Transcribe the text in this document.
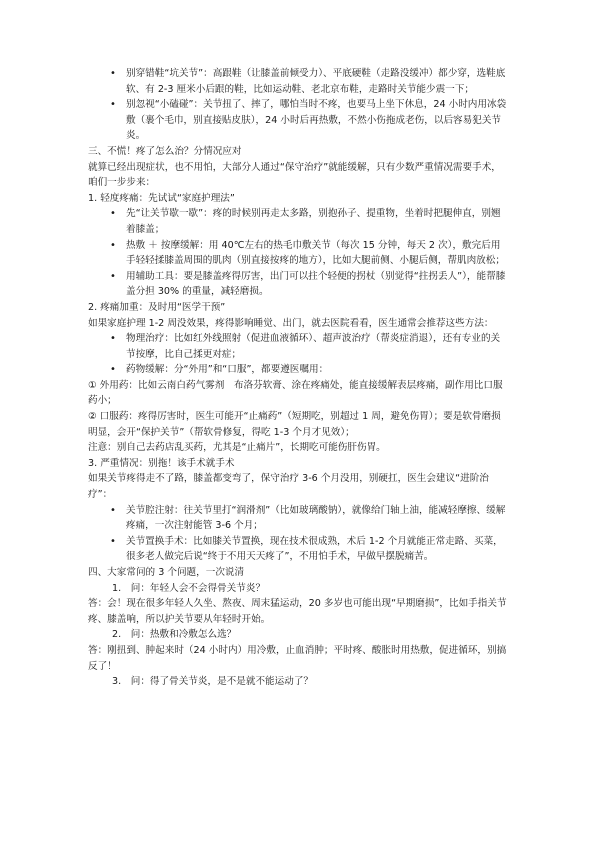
• 别穿错鞋“坑关节”：高跟鞋（让膝盖前倾受力）、平底硬鞋（走路没缓冲）都少穿，选鞋底软、有 2-3 厘米小后跟的鞋，比如运动鞋、老北京布鞋，走路时关节能少震一下；

• 别忽视“小磕碰”：关节扭了、摔了，哪怕当时不疼，也要马上坐下休息，24 小时内用冰袋敷（裹个毛巾，别直接贴皮肤），24 小时后再热敷，不然小伤拖成老伤，以后容易犯关节炎。

三、不慌！疼了怎么治？分情况应对

就算已经出现症状，也不用怕，大部分人通过“保守治疗”就能缓解，只有少数严重情况需要手术，咱们一步步来：

1. 轻度疼痛：先试试“家庭护理法”

• 先“让关节歇一歇”：疼的时候别再走太多路，别抱孙子、提重物，坐着时把腿伸直，别翘着膝盖；

• 热敷 ＋ 按摩缓解：用 40℃左右的热毛巾敷关节（每次 15 分钟，每天 2 次），敷完后用手轻轻揉膝盖周围的肌肉（别直接按疼的地方），比如大腿前侧、小腿后侧，帮肌肉放松；

• 用辅助工具：要是膝盖疼得厉害，出门可以拄个轻便的拐杖（别觉得“拄拐丢人”），能帮膝盖分担 30% 的重量，减轻磨损。

2. 疼痛加重：及时用“医学干预”

如果家庭护理 1-2 周没效果，疼得影响睡觉、出门，就去医院看看，医生通常会推荐这些方法：

• 物理治疗：比如红外线照射（促进血液循环）、超声波治疗（帮炎症消退），还有专业的关节按摩，比自己揉更对症；

• 药物缓解：分“外用”和“口服”，都要遵医嘱用：

① 外用药：比如云南白药气雾剂　布洛芬软膏、涂在疼痛处，能直接缓解表层疼痛，副作用比口服药小；

② 口服药：疼得厉害时，医生可能开“止痛药”（短期吃，别超过 1 周，避免伤胃）；要是软骨磨损明显，会开“保护关节”（帮软骨修复，得吃 1-3 个月才见效）；

注意：别自己去药店乱买药，尤其是“止痛片”，长期吃可能伤肝伤胃。

3. 严重情况：别拖！该手术就手术

如果关节疼得走不了路，膝盖都变弯了，保守治疗 3-6 个月没用，别硬扛，医生会建议“进阶治疗”：

• 关节腔注射：往关节里打“润滑剂”（比如玻璃酸钠），就像给门轴上油，能减轻摩擦、缓解疼痛，一次注射能管 3-6 个月；

• 关节置换手术：比如膝关节置换，现在技术很成熟，术后 1-2 个月就能正常走路、买菜，很多老人做完后说“终于不用天天疼了”，不用怕手术，早做早摆脱痛苦。

四、大家常问的 3 个问题，一次说清

1.　问：年轻人会不会得骨关节炎？

答：会！现在很多年轻人久坐、熬夜、周末猛运动，20 多岁也可能出现“早期磨损”，比如手指关节疼、膝盖响，所以护关节要从年轻时开始。

2.　问：热敷和冷敷怎么选？

答：刚扭到、肿起来时（24 小时内）用冷敷，止血消肿；平时疼、酸胀时用热敷，促进循环，别搞反了！

3.　问：得了骨关节炎，是不是就不能运动了？
